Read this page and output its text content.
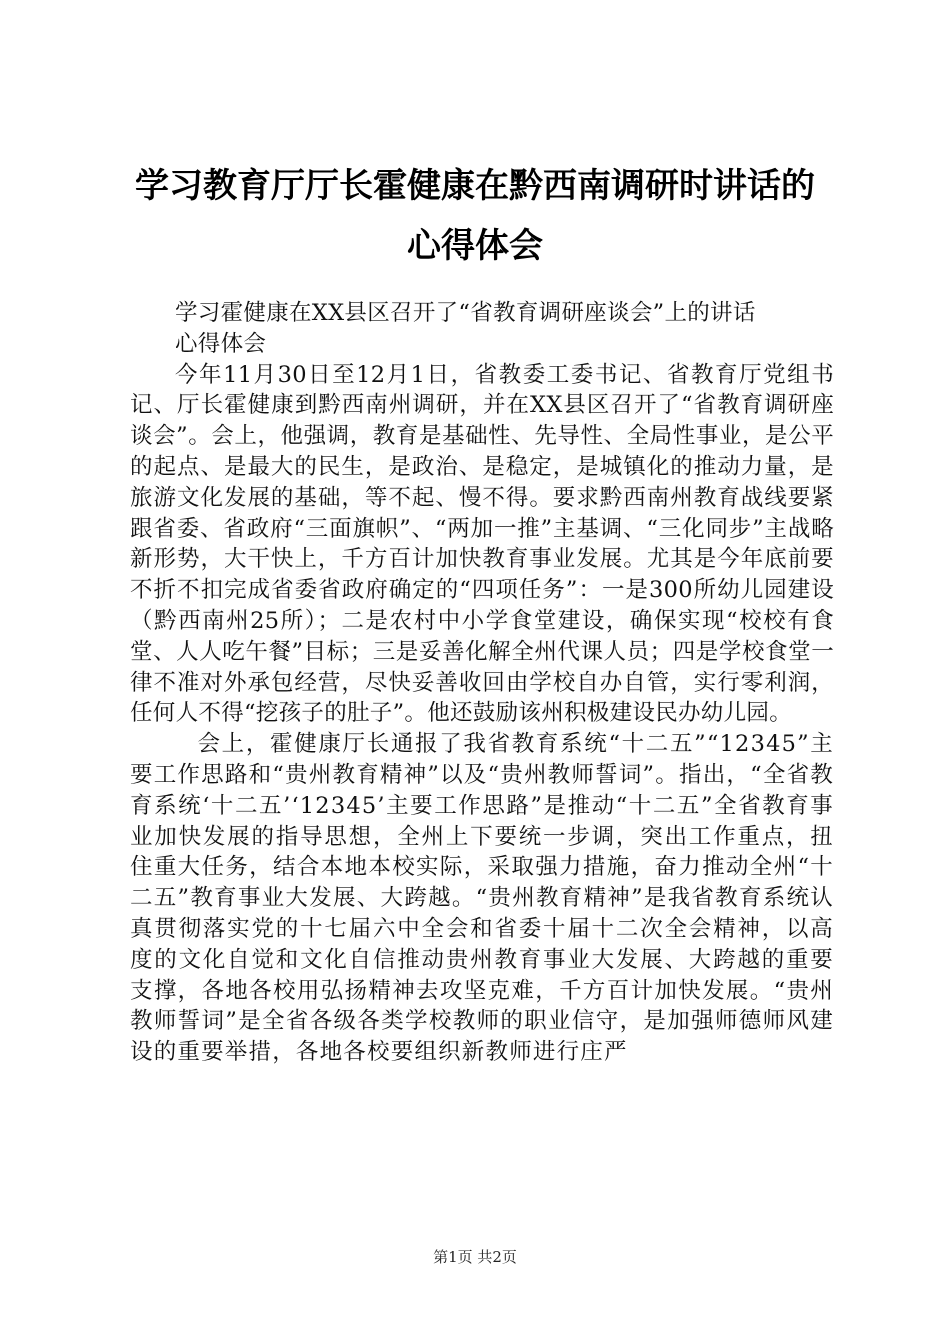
学习教育厅厅长霍健康在黔西南调研时讲话的
心得体会

学习霍健康在XX县区召开了“省教育调研座谈会”上的讲话

心得体会

今年11月30日至12月1日，省教委工委书记、省教育厅党组书记、厅长霍健康到黔西南州调研，并在XX县区召开了“省教育调研座谈会”。会上，他强调，教育是基础性、先导性、全局性事业，是公平的起点、是最大的民生，是政治、是稳定，是城镇化的推动力量，是旅游文化发展的基础，等不起、慢不得。要求黔西南州教育战线要紧跟省委、省政府“三面旗帜”、“两加一推”主基调、“三化同步”主战略新形势，大干快上，千方百计加快教育事业发展。尤其是今年底前要不折不扣完成省委省政府确定的“四项任务”：一是300所幼儿园建设（黔西南州25所）；二是农村中小学食堂建设，确保实现“校校有食堂、人人吃午餐”目标；三是妥善化解全州代课人员；四是学校食堂一律不准对外承包经营，尽快妥善收回由学校自办自管，实行零利润，任何人不得“挖孩子的肚子”。他还鼓励该州积极建设民办幼儿园。

会上，霍健康厅长通报了我省教育系统“十二五”“12345”主要工作思路和“贵州教育精神”以及“贵州教师誓词”。指出，“全省教育系统‘十二五’‘12345’主要工作思路”是推动“十二五”全省教育事业加快发展的指导思想，全州上下要统一步调，突出工作重点，扭住重大任务，结合本地本校实际，采取强力措施，奋力推动全州“十二五”教育事业大发展、大跨越。“贵州教育精神”是我省教育系统认真贯彻落实党的十七届六中全会和省委十届十二次全会精神，以高度的文化自觉和文化自信推动贵州教育事业大发展、大跨越的重要支撑，各地各校用弘扬精神去攻坚克难，千方百计加快发展。“贵州教师誓词”是全省各级各类学校教师的职业信守，是加强师德师风建设的重要举措，各地各校要组织新教师进行庄严

第1页 共2页
